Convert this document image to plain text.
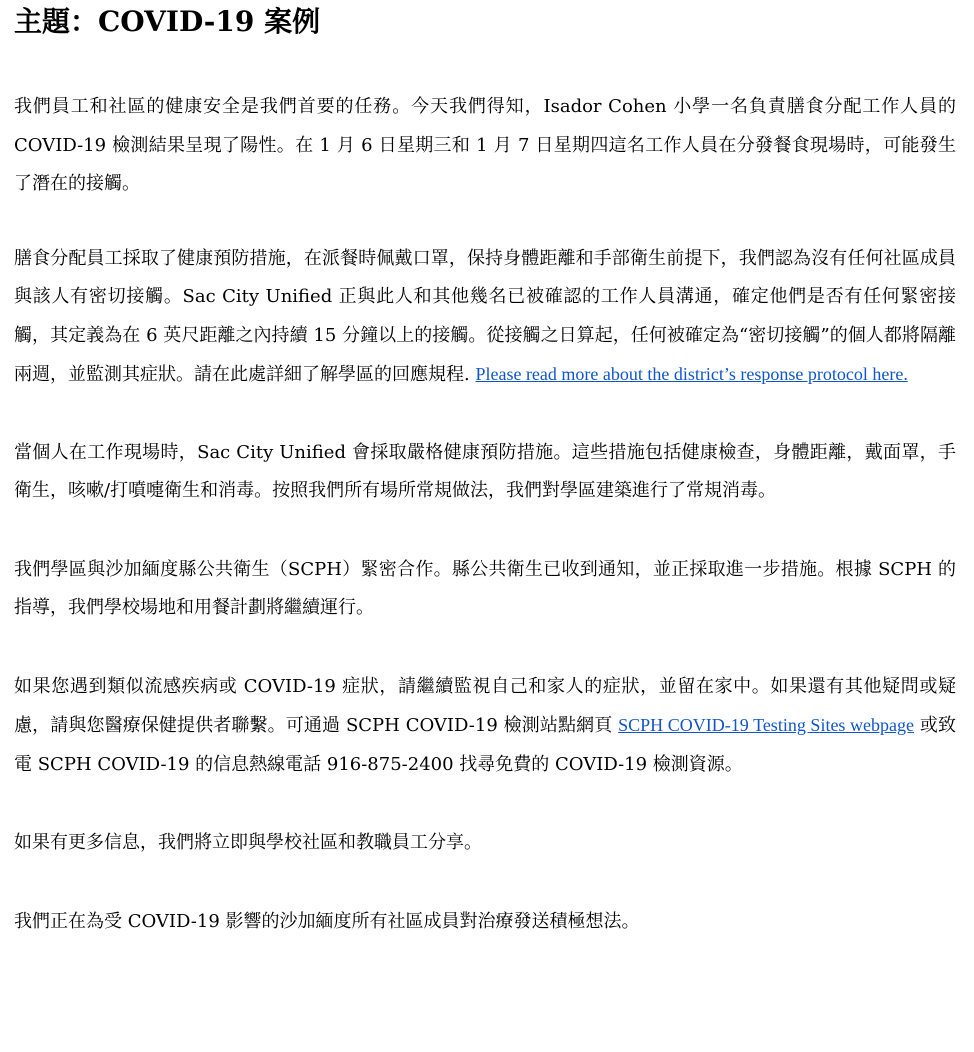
主題：COVID-19 案例

我們員工和社區的健康安全是我們首要的任務。今天我們得知，Isador Cohen 小學一名負責膳食分配工作人員的 COVID-19 檢測結果呈現了陽性。在 1 月 6 日星期三和 1 月 7 日星期四這名工作人員在分發餐食現場時，可能發生了潛在的接觸。

膳食分配員工採取了健康預防措施，在派餐時佩戴口罩，保持身體距離和手部衛生前提下，我們認為沒有任何社區成員與該人有密切接觸。Sac City Unified 正與此人和其他幾名已被確認的工作人員溝通，確定他們是否有任何緊密接觸，其定義為在 6 英尺距離之內持續 15 分鐘以上的接觸。從接觸之日算起，任何被確定為“密切接觸”的個人都將隔離兩週，並監測其症狀。請在此處詳細了解學區的回應規程. Please read more about the district’s response protocol here.

當個人在工作現場時，Sac City Unified 會採取嚴格健康預防措施。這些措施包括健康檢查，身體距離，戴面罩，手衛生，咳嗽/打噴嚏衛生和消毒。按照我們所有場所常規做法，我們對學區建築進行了常規消毒。

我們學區與沙加緬度縣公共衛生（SCPH）緊密合作。縣公共衛生已收到通知，並正採取進一步措施。根據 SCPH 的指導，我們學校場地和用餐計劃將繼續運行。

如果您遇到類似流感疾病或 COVID-19 症狀，請繼續監視自己和家人的症狀，並留在家中。如果還有其他疑問或疑慮，請與您醫療保健提供者聯繫。可通過 SCPH COVID-19 檢測站點網頁 SCPH COVID-19 Testing Sites webpage 或致電 SCPH COVID-19 的信息熱線電話 916-875-2400 找尋免費的 COVID-19 檢測資源。

如果有更多信息，我們將立即與學校社區和教職員工分享。

我們正在為受 COVID-19 影響的沙加緬度所有社區成員對治療發送積極想法。
